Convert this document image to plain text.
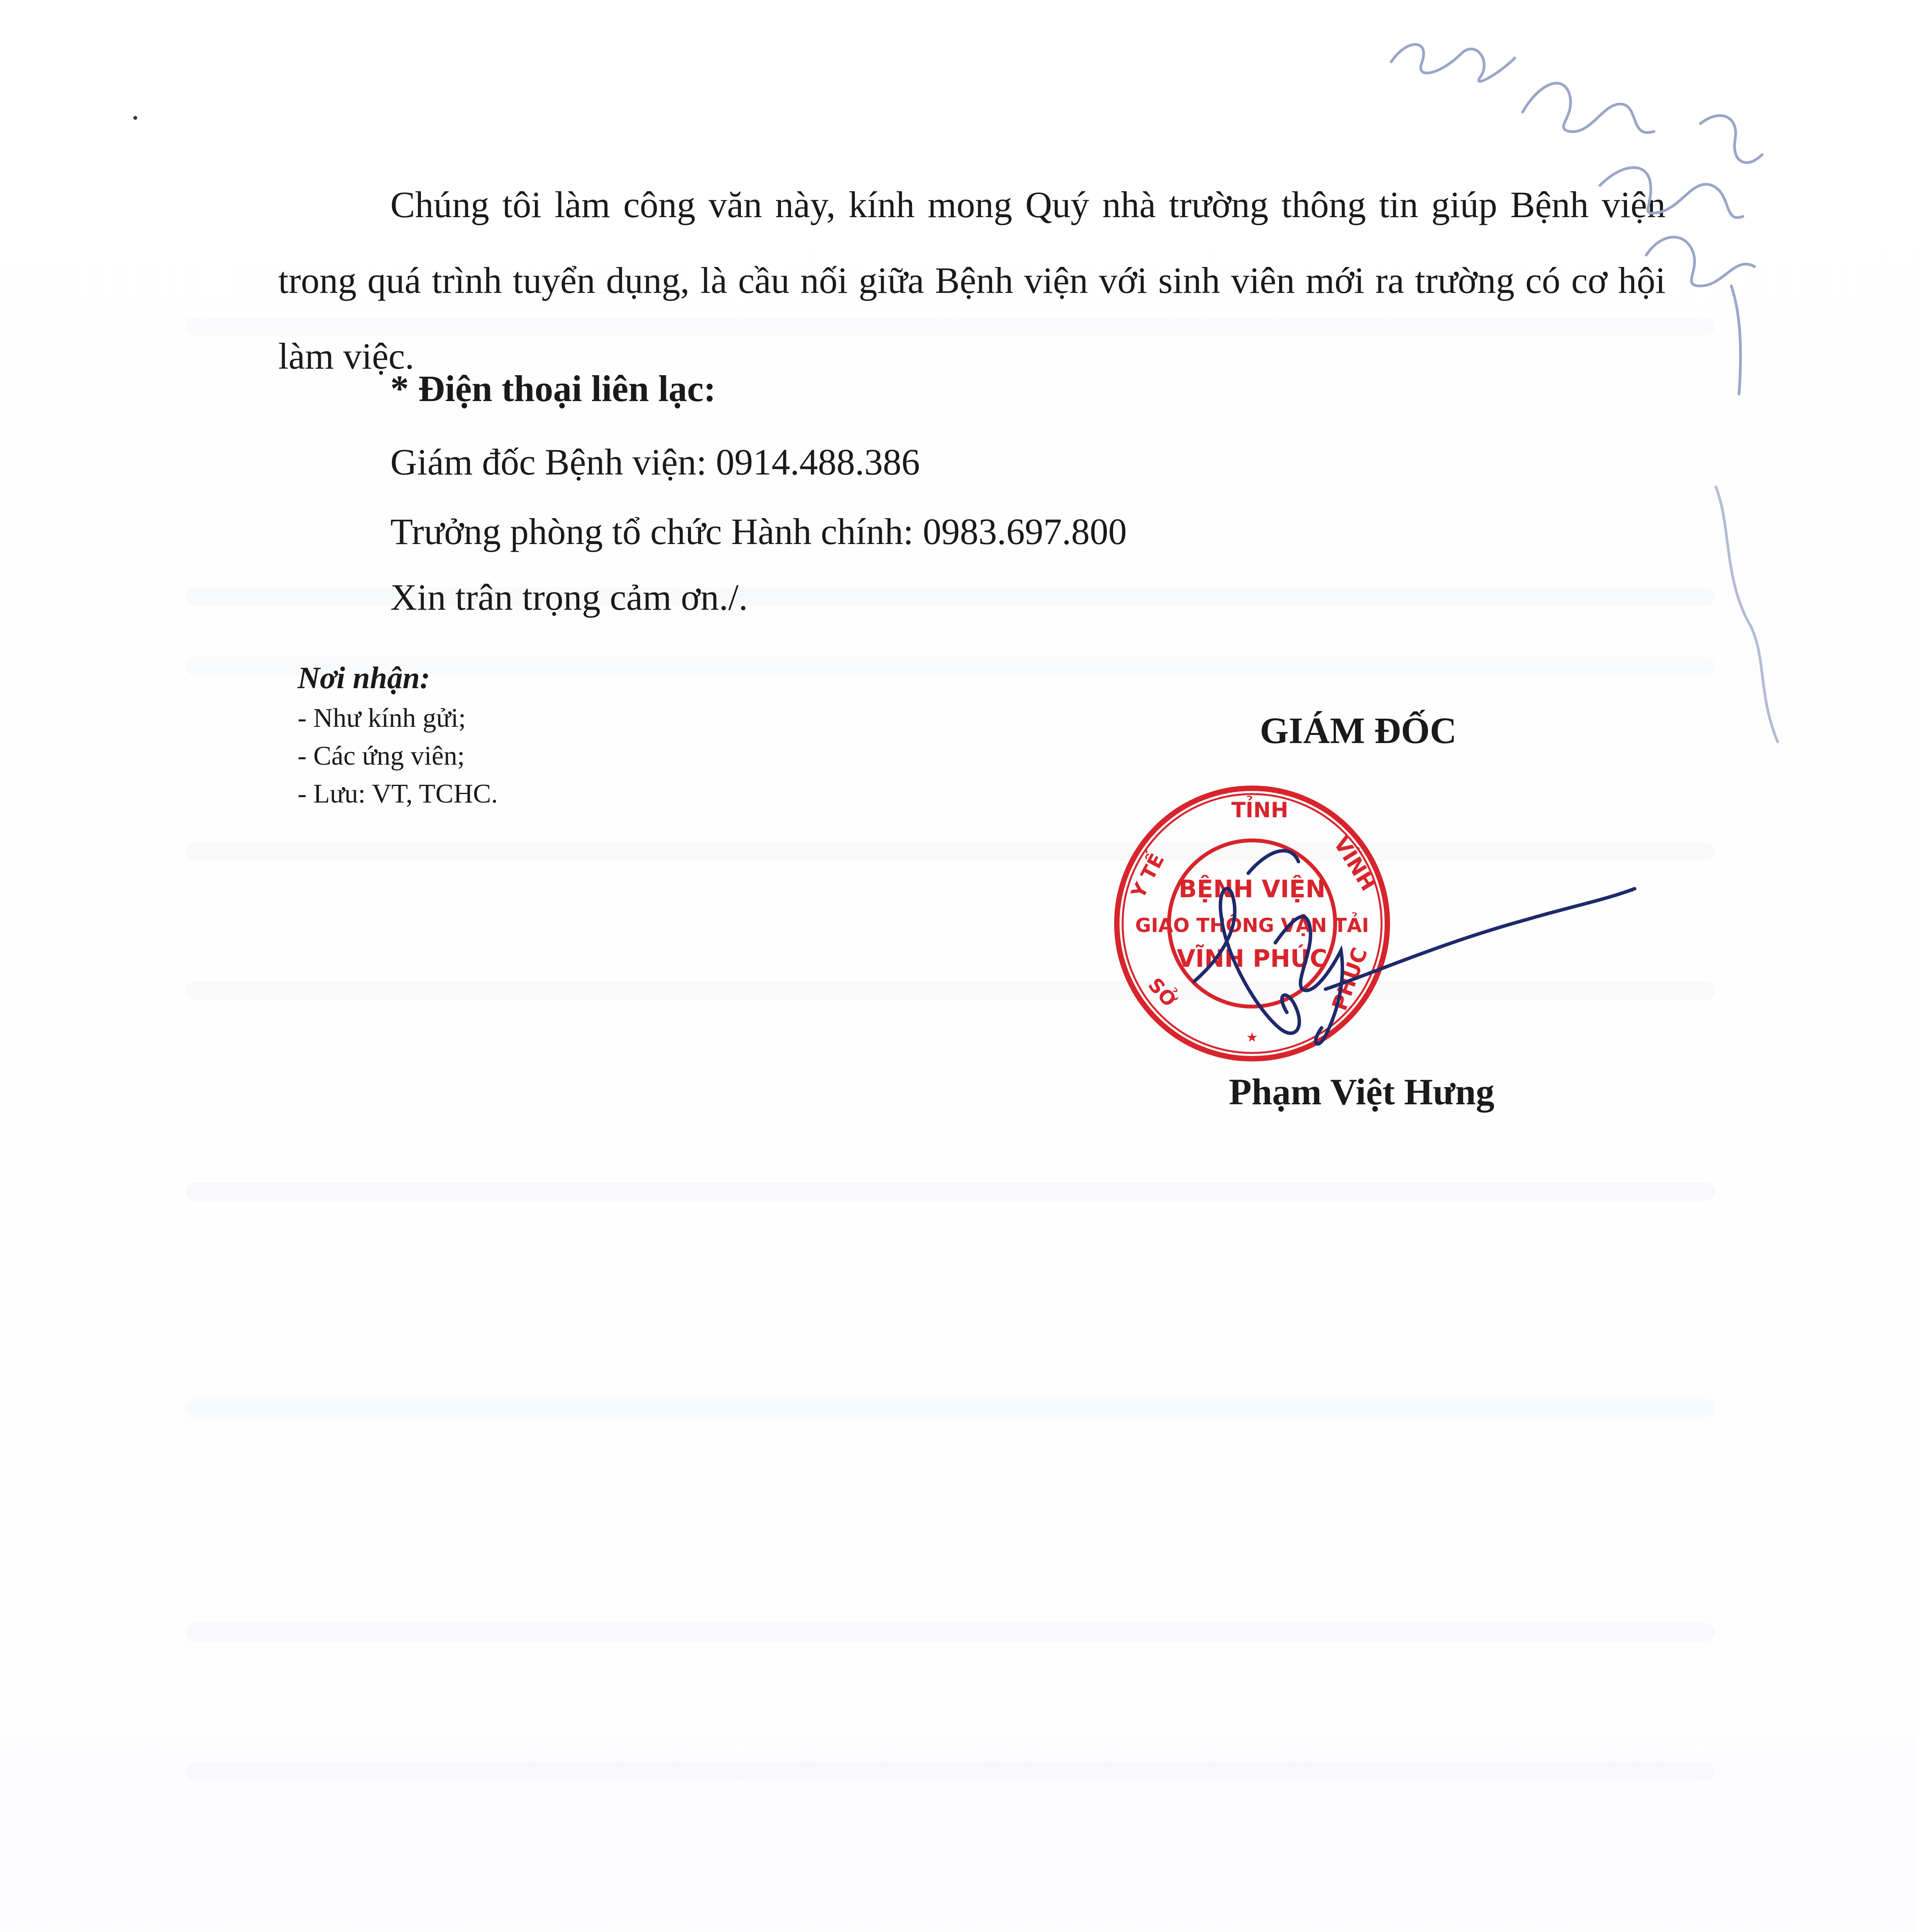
Chúng tôi làm công văn này, kính mong Quý nhà trường thông tin giúp Bệnh viện trong quá trình tuyển dụng, là cầu nối giữa Bệnh viện với sinh viên mới ra trường có cơ hội làm việc.
* Điện thoại liên lạc:
Giám đốc Bệnh viện: 0914.488.386
Trưởng phòng tổ chức Hành chính: 0983.697.800
Xin trân trọng cảm ơn./.
Nơi nhận:
- Như kính gửi;
- Các ứng viên;
- Lưu: VT, TCHC.
GIÁM ĐỐC
TỈNH
VĨNH
PHÚC
Y TẾ
SỞ
★
BỆNH VIỆN
GIAO THÔNG VẬN TẢI
VĨNH PHÚC
Phạm Việt Hưng
